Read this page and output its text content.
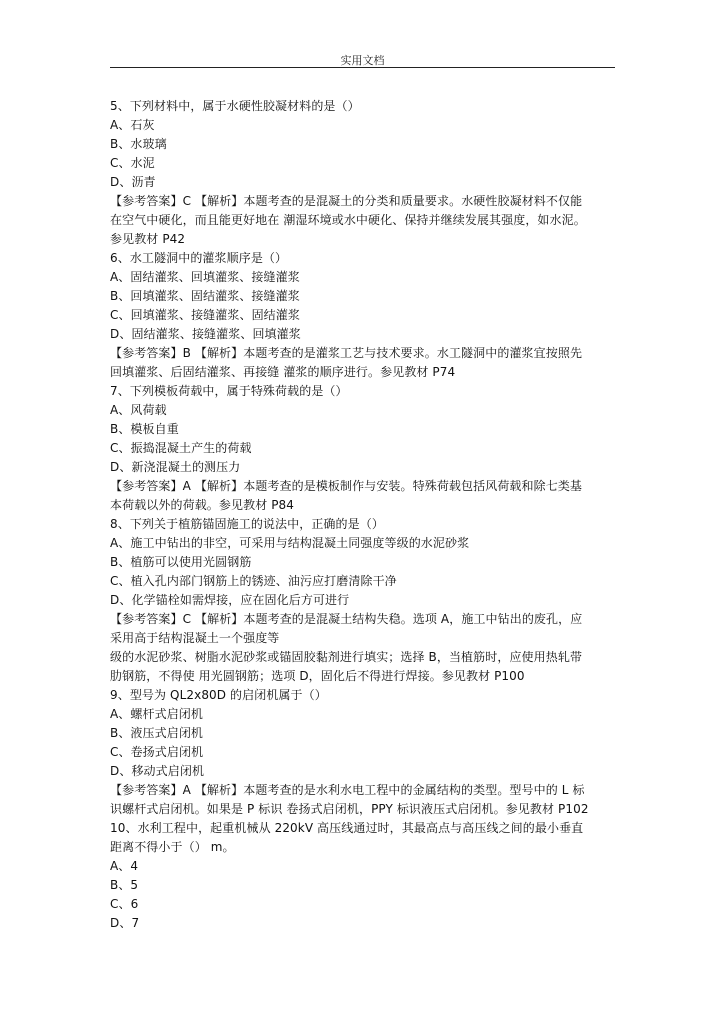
实用文档
5、下列材料中，属于水硬性胶凝材料的是（）
A、石灰
B、水玻璃
C、水泥
D、沥青
【参考答案】C 【解析】本题考查的是混凝土的分类和质量要求。水硬性胶凝材料不仅能
在空气中硬化，而且能更好地在 潮湿环境或水中硬化、保持并继续发展其强度，如水泥。
参见教材 P42
6、水工隧洞中的灌浆顺序是（）
A、固结灌浆、回填灌浆、接缝灌浆
B、回填灌浆、固结灌浆、接缝灌浆
C、回填灌浆、接缝灌浆、固结灌浆
D、固结灌浆、接缝灌浆、回填灌浆
【参考答案】B 【解析】本题考查的是灌浆工艺与技术要求。水工隧洞中的灌浆宜按照先
回填灌浆、后固结灌浆、再接缝 灌浆的顺序进行。参见教材 P74
7、下列模板荷载中，属于特殊荷载的是（）
A、风荷载
B、模板自重
C、振捣混凝土产生的荷载
D、新浇混凝土的测压力
【参考答案】A 【解析】本题考查的是模板制作与安装。特殊荷载包括风荷载和除七类基
本荷载以外的荷载。参见教材 P84
8、下列关于植筋锚固施工的说法中，正确的是（）
A、施工中钻出的非空，可采用与结构混凝土同强度等级的水泥砂浆
B、植筋可以使用光圆钢筋
C、植入孔内部门钢筋上的锈迹、油污应打磨清除干净
D、化学锚栓如需焊接，应在固化后方可进行
【参考答案】C 【解析】本题考查的是混凝土结构失稳。选项 A，施工中钻出的废孔，应
采用高于结构混凝土一个强度等
级的水泥砂浆、树脂水泥砂浆或锚固胶黏剂进行填实；选择 B，当植筋时，应使用热轧带
肋钢筋，不得使 用光圆钢筋；选项 D，固化后不得进行焊接。参见教材 P100
9、型号为 QL2x80D 的启闭机属于（）
A、螺杆式启闭机
B、液压式启闭机
C、卷扬式启闭机
D、移动式启闭机
【参考答案】A 【解析】本题考查的是水利水电工程中的金属结构的类型。型号中的 L 标
识螺杆式启闭机。如果是 P 标识 卷扬式启闭机，PPY 标识液压式启闭机。参见教材 P102
10、水利工程中，起重机械从 220kV 高压线通过时，其最高点与高压线之间的最小垂直
距离不得小于（） m。
A、4
B、5
C、6
D、7
